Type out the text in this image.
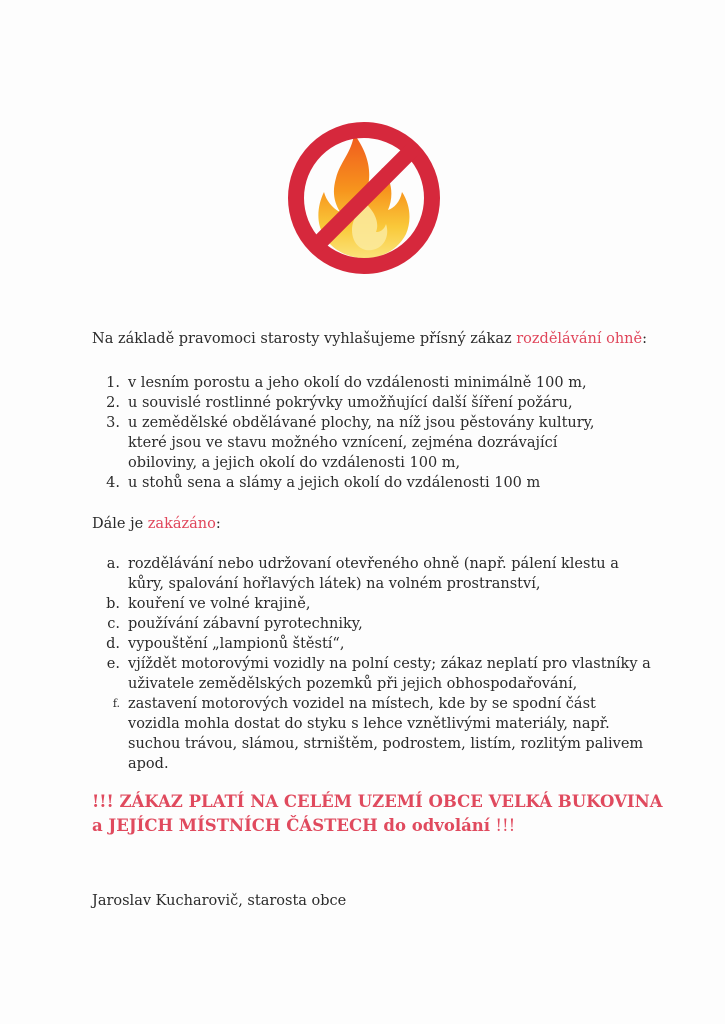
Na základě pravomoci starosty vyhlašujeme přísný zákaz rozdělávání ohně:
1. v lesním porostu a jeho okolí do vzdálenosti minimálně 100 m,
2. u souvislé rostlinné pokrývky umožňující další šíření požáru,
3. u zemědělské obdělávané plochy, na níž jsou pěstovány kultury, které jsou ve stavu možného vznícení, zejména dozrávající obiloviny, a jejich okolí do vzdálenosti 100 m,
4. u stohů sena a slámy a jejich okolí do vzdálenosti 100 m
Dále je zakázáno:
a. rozdělávání nebo udržovaní otevřeného ohně (např. pálení klestu a kůry, spalování hořlavých látek) na volném prostranství,
b. kouření ve volné krajině,
c. používání zábavní pyrotechniky,
d. vypouštění „lampionů štěstí“,
e. vjíždět motorovými vozidly na polní cesty; zákaz neplatí pro vlastníky a uživatele zemědělských pozemků při jejich obhospodařování,
f. zastavení motorových vozidel na místech, kde by se spodní část vozidla mohla dostat do styku s lehce vznětlivými materiály, např. suchou trávou, slámou, strništěm, podrostem, listím, rozlitým palivem apod.
!!! ZÁKAZ PLATÍ NA CELÉM UZEMÍ OBCE VELKÁ BUKOVINA a JEJÍCH MÍSTNÍCH ČÁSTECH do odvolání !!!
Jaroslav Kucharovič, starosta obce
